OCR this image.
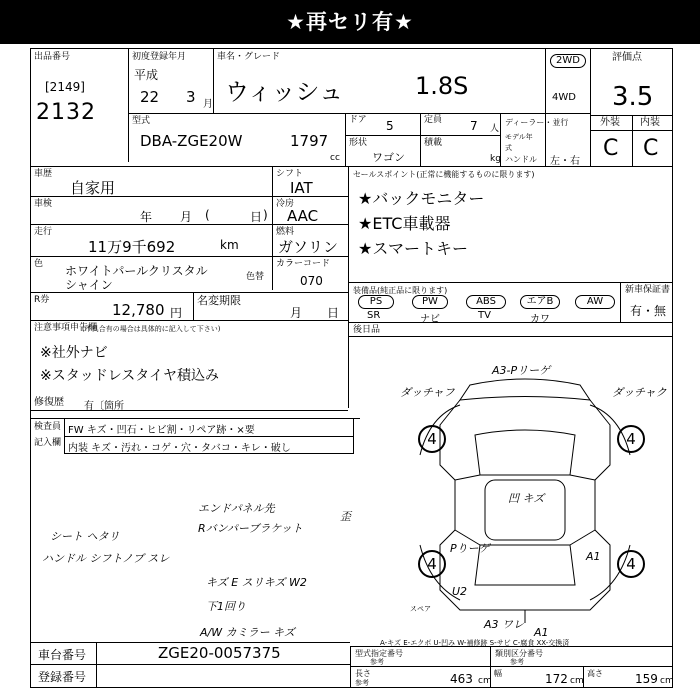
★再セリ有★
出品番号
[2149]
2132
初度登録年月
平成
22 3 月
車名・グレード
ウィッシュ	1.8S
2WD
4WD
評価点
3.5
外装 内装
C C
型式
DBA-ZGE20W	1797
cc
ドア 5	定員 7 人
ディーラー・並行
形状
ワゴン
積載
kg
モデル年式
ハンドル 左・右
車歴
自家用
シフト
IAT
車検
年 月 (	日 )
冷房
AAC
走行
11万9千692	km
燃料
ガソリン
色 ホワイトパールクリスタル
シャイン
色替
カラーコード
070
R券
12,780 円
名変期限
月 日
セールスポイント(正常に機能するものに限ります)
★バックモニター
★ETC車載器
★スマートキー
装備品(純正品に限ります)
PS	PW	ABS	エアB	AW
SR	ナビ	TV	カワ
新車保証書
有・無
後日品
注意事項申告欄
(不具合有の場合は具体的に記入して下さい)
※社外ナビ
※スタッドレスタイヤ積込み
修復歴 有〔箇所
検査員
記入欄
FW キズ・凹石・ヒビ割・リペア跡・×要
内装 キズ・汚れ・コゲ・穴・タバコ・キレ・破し
エンドパネル先
Rバンパーブラケット
歪
シート ヘタリ
ハンドル シフトノブ スレ
キズ E スリキズ W2
下1回り
A/W カミラー キズ
4	4
4	4
A3-Pリーゲ
ダッチャフ	ダッチャク
凹 キズ
Pりーゲ
A1
U2
A3 ワレ
A1
スペア
A-キズ E-エクボ U-凹み W-補修跡 S-サビ C-腐食 XX-交換済
車台番号	ZGE20-0057375
登録番号
型式指定番号
参考
類別区分番号
参考
長さ
参考	463 cm
幅	172 cm
高さ	159 cm
